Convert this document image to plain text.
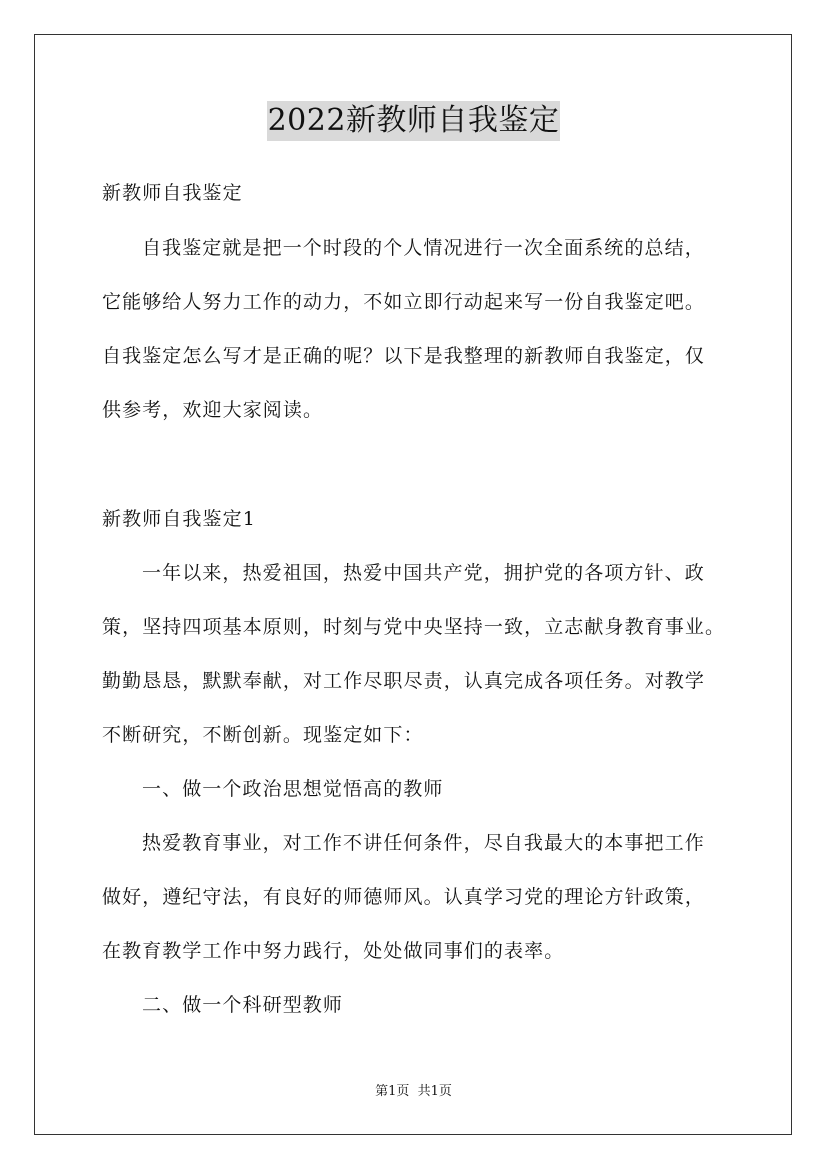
2022新教师自我鉴定
新教师自我鉴定
自我鉴定就是把一个时段的个人情况进行一次全面系统的总结，
它能够给人努力工作的动力，不如立即行动起来写一份自我鉴定吧。
自我鉴定怎么写才是正确的呢？以下是我整理的新教师自我鉴定，仅
供参考，欢迎大家阅读。
新教师自我鉴定1
一年以来，热爱祖国，热爱中国共产党，拥护党的各项方针、政
策，坚持四项基本原则，时刻与党中央坚持一致，立志献身教育事业。
勤勤恳恳，默默奉献，对工作尽职尽责，认真完成各项任务。对教学
不断研究，不断创新。现鉴定如下：
一、做一个政治思想觉悟高的教师
热爱教育事业，对工作不讲任何条件，尽自我最大的本事把工作
做好，遵纪守法，有良好的师德师风。认真学习党的理论方针政策，
在教育教学工作中努力践行，处处做同事们的表率。
二、做一个科研型教师
第1页  共1页
